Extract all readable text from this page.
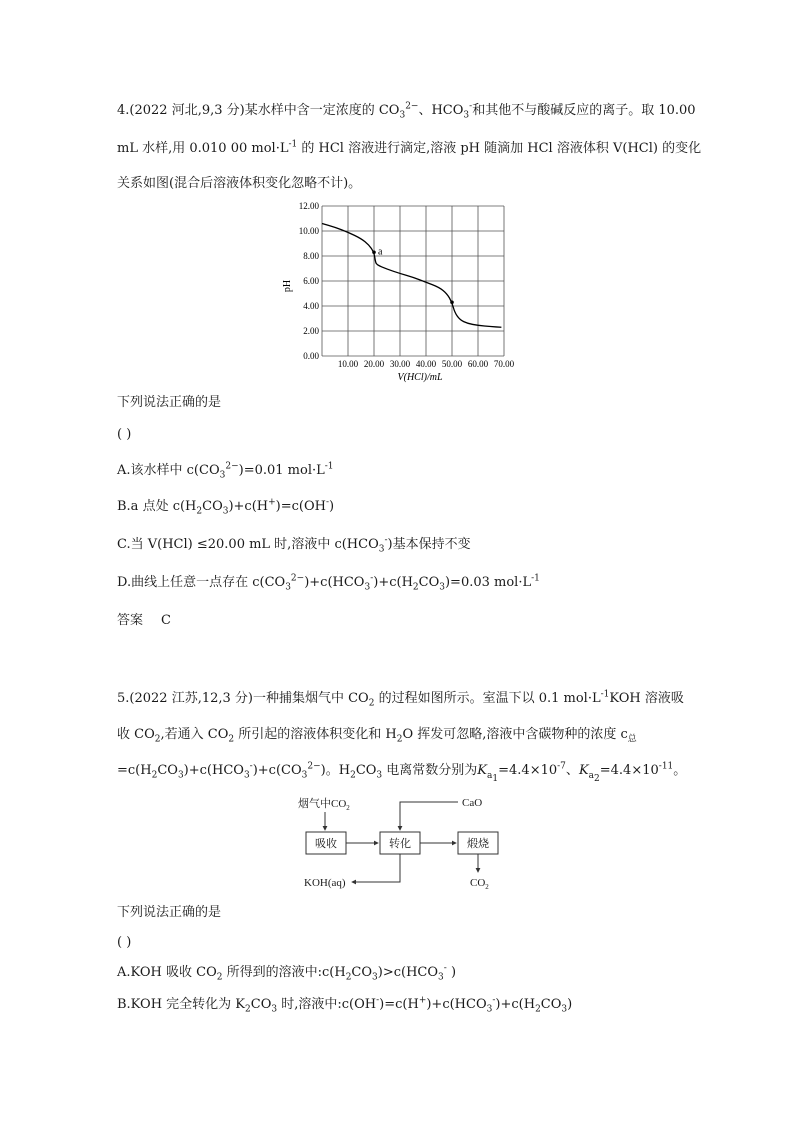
4.(2022 河北,9,3 分)某水样中含一定浓度的 $CO_3^{2-}$、$HCO_3^-$和其他不与酸碱反应的离子。取 10.00
mL 水样,用 0.010 00 $mol\cdot L^{-1}$ 的 HCl 溶液进行滴定,溶液 pH 随滴加 HCl 溶液体积 V(HCl) 的变化
关系如图(混合后溶液体积变化忽略不计)。
0.00
2.00
4.00
6.00
8.00
10.00
12.00
10.00 20.00 30.00 40.00 50.00 60.00 70.00
a
V(HCl)/mL
pH
下列说法正确的是
( )
A.该水样中 $c(CO_3^{2-})=0.01$ $mol\cdot L^{-1}$
B.a 点处 $c(H_2CO_3)+c(H^+)=c(OH^-)$
C.当 V(HCl) ≤20.00 mL 时,溶液中 $c(HCO_3^-)$基本保持不变
D.曲线上任意一点存在 $c(CO_3^{2-})+c(HCO_3^-)+c(H_2CO_3)=0.03$ $mol\cdot L^{-1}$
答案 C
5.(2022 江苏,12,3 分)一种捕集烟气中 $CO_2$ 的过程如图所示。室温下以 0.1 $mol\cdot L^{-1}KOH$ 溶液吸
收 $CO_2$,若通入 $CO_2$ 所引起的溶液体积变化和 $H_2O$ 挥发可忽略,溶液中含碳物种的浓度 $c_总$
$=c(H_2CO_3)+c(HCO_3^-)+c(CO_3^{2-})$。$H_2CO_3$ 电离常数分别为$K_{a_1}=4.4\times 10^{-7}$、$K_{a_2}=4.4\times 10^{-11}$。
烟气中$CO_2$
吸收	转化	煅烧
CaO
$CO_2$
KOH(aq)
下列说法正确的是
( )
A.KOH 吸收 $CO_2$ 所得到的溶液中$:c(H_2CO_3)>c(HCO_3^-$ )
B.KOH 完全转化为 $K_2CO_3$ 时,溶液中$:c(OH^-)=c(H^+)+c(HCO_3^-)+c(H_2CO_3)$
